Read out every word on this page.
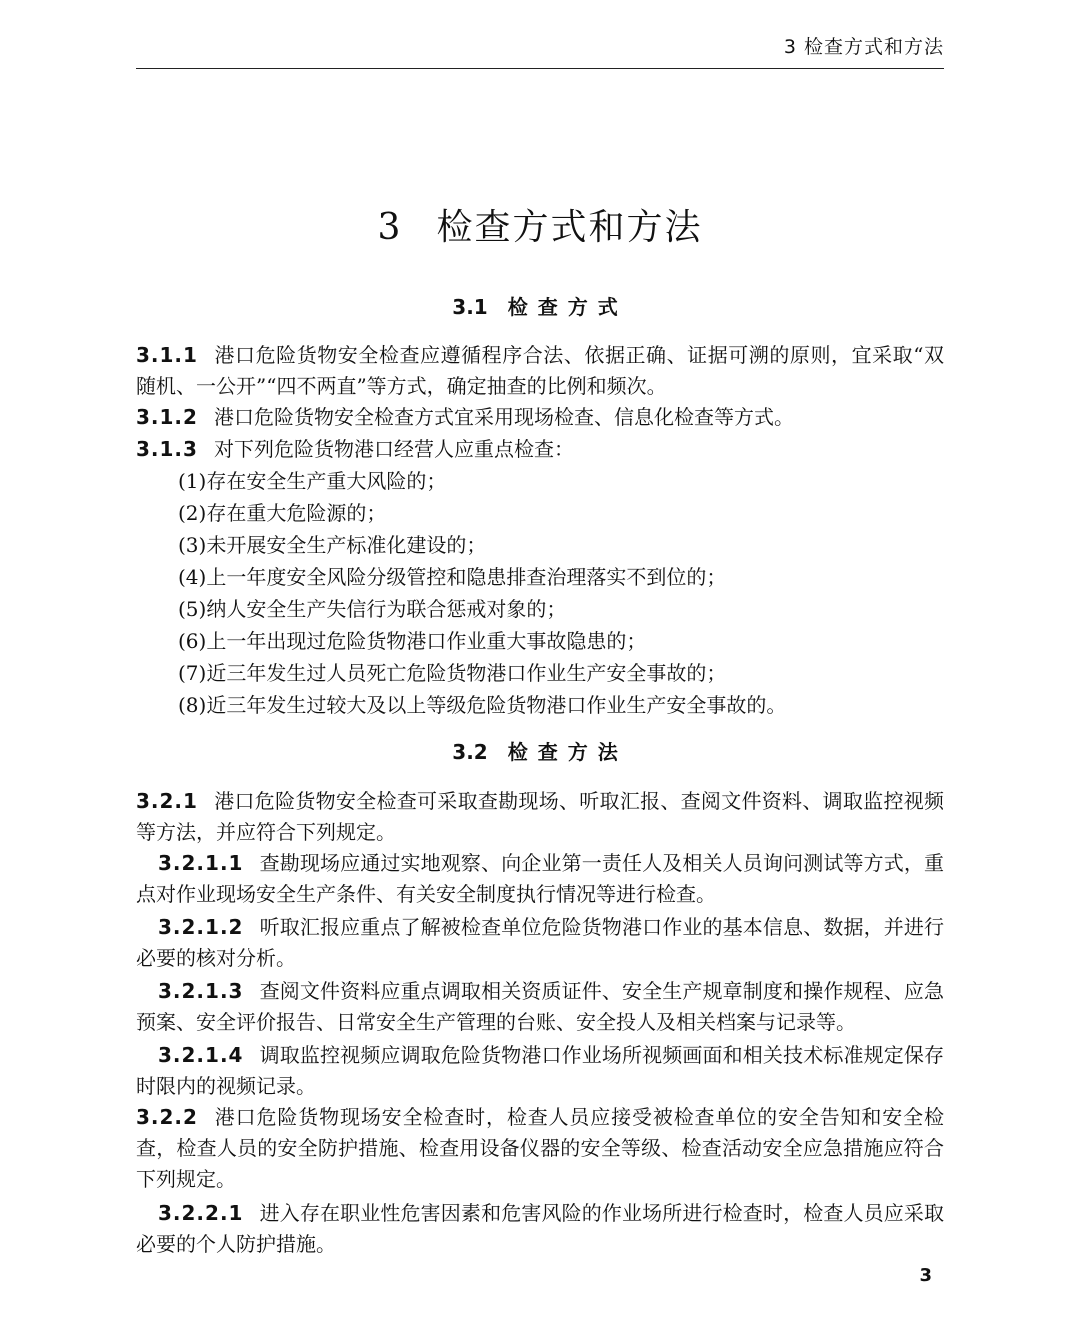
3 检查方式和方法
3 检查方式和方法
3.1 检查方式

3.1.1 港口危险货物安全检查应遵循程序合法、依据正确、证据可溯的原则，宜采取“双随机、一公开”“四不两直”等方式，确定抽查的比例和频次。

3.1.2 港口危险货物安全检查方式宜采用现场检查、信息化检查等方式。

3.1.3 对下列危险货物港口经营人应重点检查：

(1)存在安全生产重大风险的；

(2)存在重大危险源的；

(3)未开展安全生产标准化建设的；

(4)上一年度安全风险分级管控和隐患排查治理落实不到位的；

(5)纳人安全生产失信行为联合惩戒对象的；

(6)上一年出现过危险货物港口作业重大事故隐患的；

(7)近三年发生过人员死亡危险货物港口作业生产安全事故的；

(8)近三年发生过较大及以上等级危险货物港口作业生产安全事故的。

3.2 检查方法

3.2.1 港口危险货物安全检查可采取查勘现场、听取汇报、查阅文件资料、调取监控视频等方法，并应符合下列规定。

3.2.1.1 查勘现场应通过实地观察、向企业第一责任人及相关人员询问测试等方式，重点对作业现场安全生产条件、有关安全制度执行情况等进行检查。

3.2.1.2 听取汇报应重点了解被检查单位危险货物港口作业的基本信息、数据，并进行必要的核对分析。

3.2.1.3 查阅文件资料应重点调取相关资质证件、安全生产规章制度和操作规程、应急预案、安全评价报告、日常安全生产管理的台账、安全投人及相关档案与记录等。

3.2.1.4 调取监控视频应调取危险货物港口作业场所视频画面和相关技术标准规定保存时限内的视频记录。

3.2.2 港口危险货物现场安全检查时，检查人员应接受被检查单位的安全告知和安全检查，检查人员的安全防护措施、检查用设备仪器的安全等级、检查活动安全应急措施应符合下列规定。

3.2.2.1 进入存在职业性危害因素和危害风险的作业场所进行检查时，检查人员应采取必要的个人防护措施。

3
